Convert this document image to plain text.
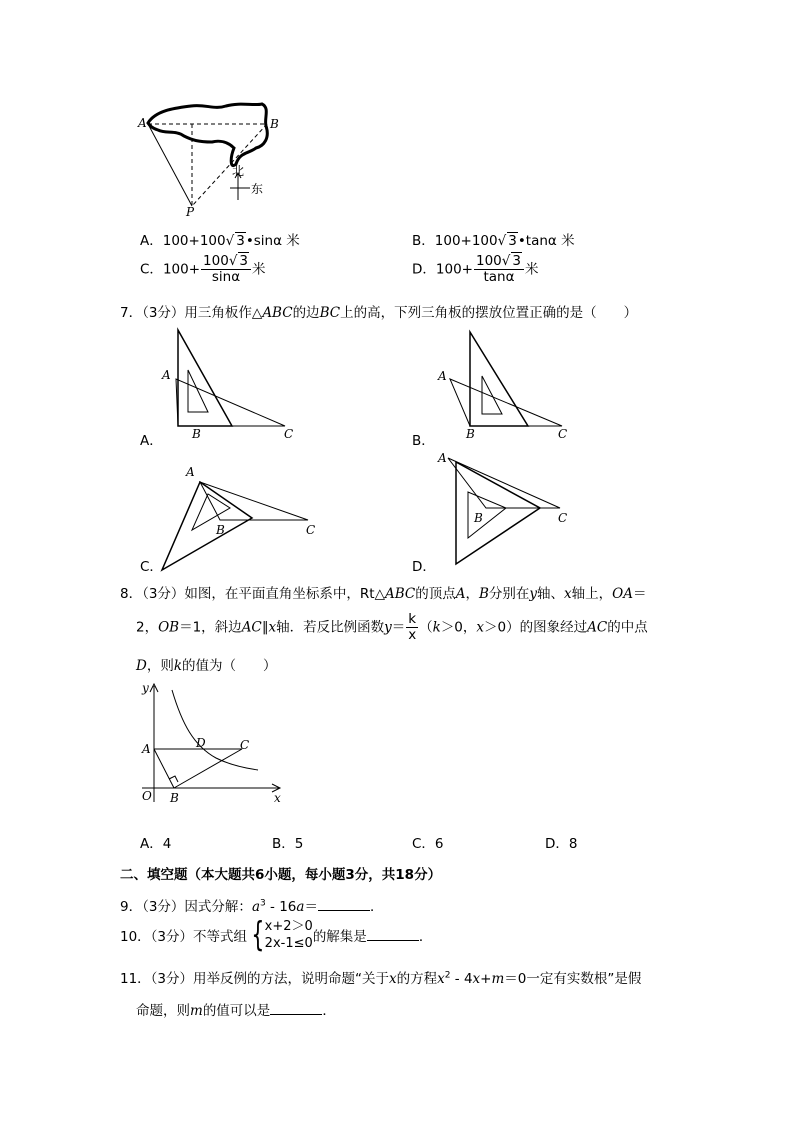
A	B
P
北
东
A．100+100√ 3•sinα 米	B．100+100√ 3•tanα 米
C．$100+ \frac{100√ 3}{\sin\alpha}$ 米	D．$100+ \frac{100√ 3}{\tan\alpha}$ 米
7．（3分）用三角板作△ABC的边BC上的高，下列三角板的摆放位置正确的是（　　）
A
B	C
A．
A
B	C
B．
A
B	C
C．
A
B	C
D．
8．（3分）如图，在平面直角坐标系中，Rt△ABC的顶点A，B分别在y轴、x轴上，OA＝
2，OB＝1，斜边AC∥x轴．若反比例函数$y= \frac{k}{x} (k>0$，x＞0）的图象经过AC的中点
D，则k的值为（　　）
y
x
O
A
B
C
D
A．4	B．5	C．6	D．8
二、填空题（本大题共6小题，每小题3分，共18分）
9．（3分）因式分解：$a^3 - 16a=$	．
10．（3分）不等式组 { x+2＞0
2x-1≤0 的解集是	．
11．（3分）用举反例的方法，说明命题“关于x的方程$x^2 - 4x+m=0$一定有实数根”是假
命题，则m的值可以是	．
